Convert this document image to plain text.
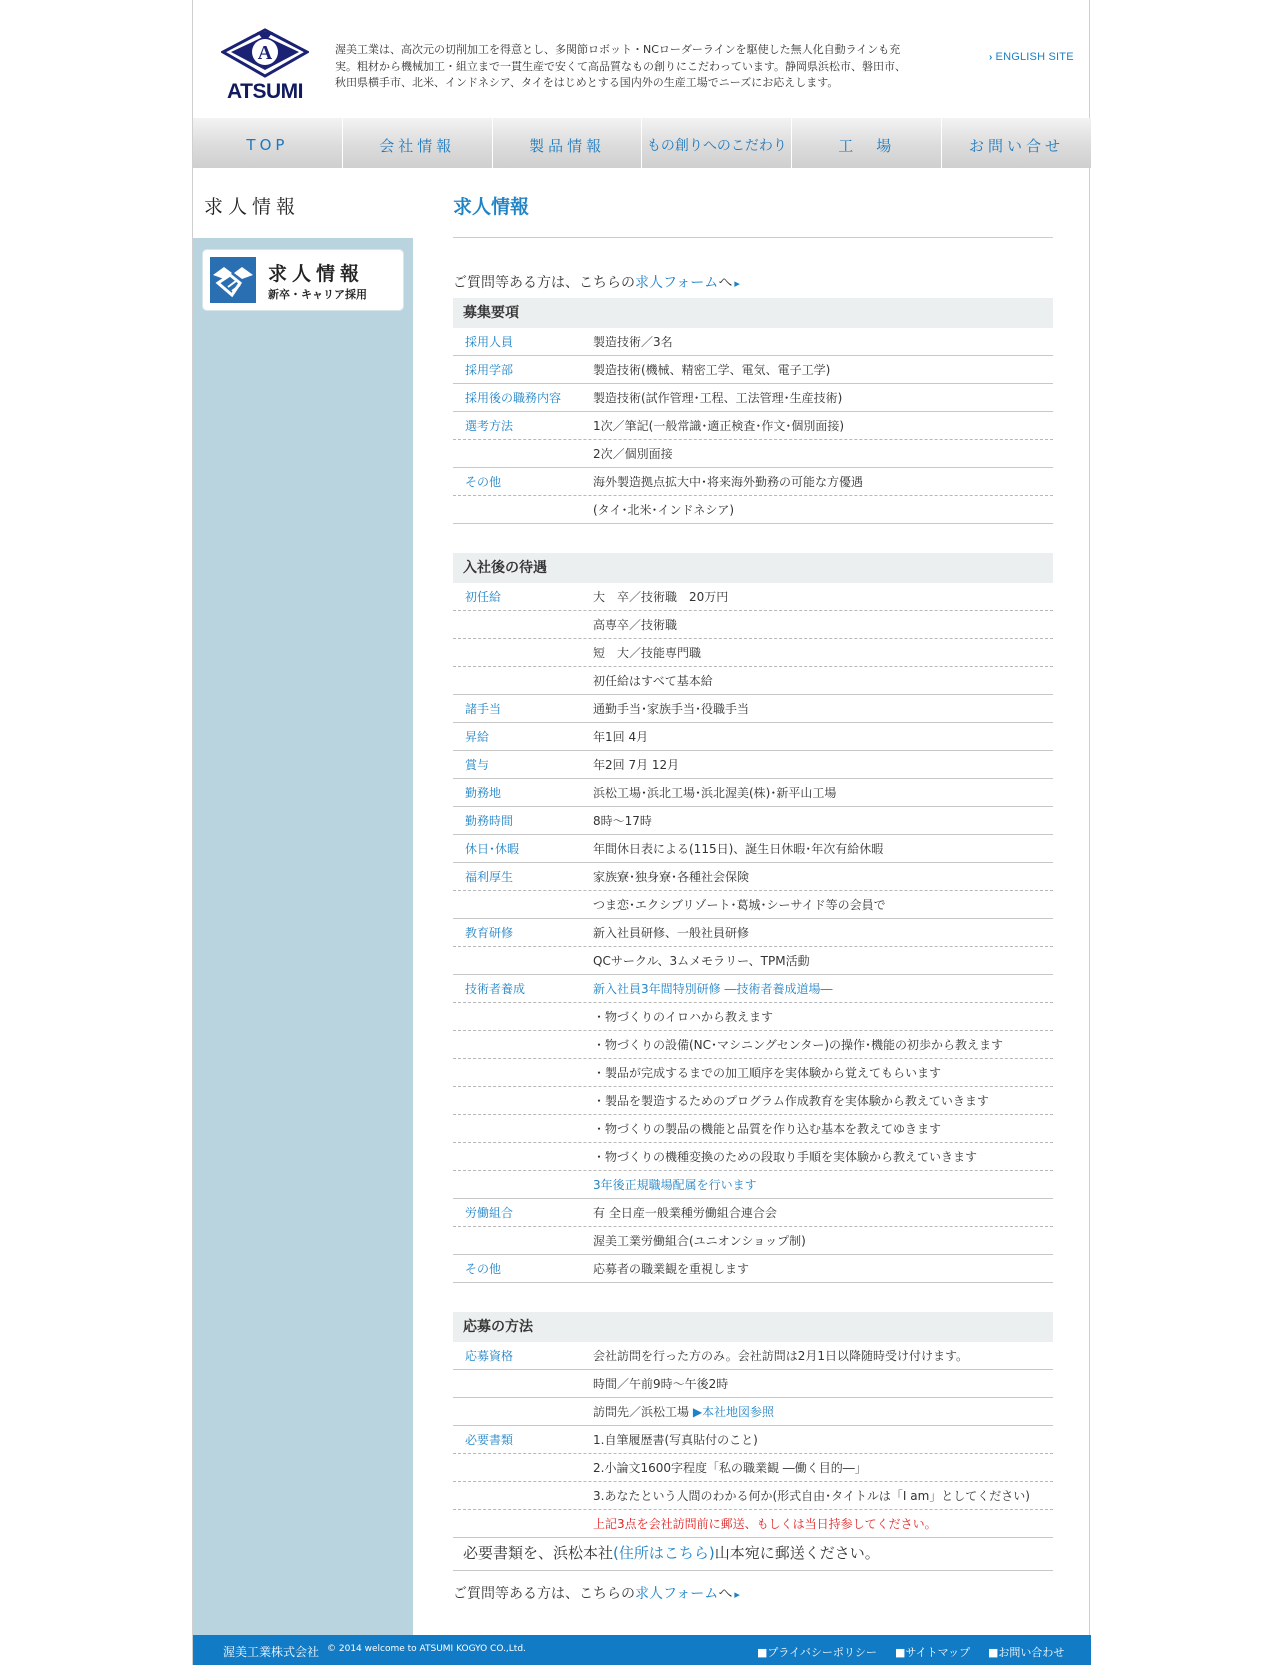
A
ATSUMI
渥美工業は、高次元の切削加工を得意とし、多関節ロボット・NCローダーラインを駆使した無人化自動ラインも充実。粗材から機械加工・組立まで一貫生産で安くて高品質なもの創りにこだわっています。静岡県浜松市、磐田市、秋田県横手市、北米、インドネシア、タイをはじめとする国内外の生産工場でニーズにお応えします。
› ENGLISH SITE
TOP	会社情報	製品情報	もの創りへのこだわり	工　場	お問い合せ
求人情報
求人情報
新卒・キャリア採用
求人情報
ご質問等ある方は、こちらの求人フォームへ ▸
募集要項
採用人員	製造技術／3名
採用学部	製造技術(機械、精密工学、電気、電子工学)
採用後の職務内容	製造技術(試作管理･工程、工法管理･生産技術)
選考方法	1次／筆記(一般常識･適正検査･作文･個別面接)
2次／個別面接
その他	海外製造拠点拡大中･将来海外勤務の可能な方優遇
(タイ･北米･インドネシア)
入社後の待遇
初任給	大　卒／技術職　20万円
高専卒／技術職
短　大／技能専門職
初任給はすべて基本給
諸手当	通勤手当･家族手当･役職手当
昇給	年1回 4月
賞与	年2回 7月 12月
勤務地	浜松工場･浜北工場･浜北渥美(株)･新平山工場
勤務時間	8時～17時
休日･休暇	年間休日表による(115日)、誕生日休暇･年次有給休暇
福利厚生	家族寮･独身寮･各種社会保険
つま恋･エクシブリゾート･葛城･シーサイド等の会員で
教育研修	新入社員研修、一般社員研修
QCサークル、3ムメモラリー、TPM活動
技術者養成	新入社員3年間特別研修 ―技術者養成道場―
・物づくりのイロハから教えます
・物づくりの設備(NC･マシニングセンター)の操作･機能の初歩から教えます
・製品が完成するまでの加工順序を実体験から覚えてもらいます
・製品を製造するためのプログラム作成教育を実体験から教えていきます
・物づくりの製品の機能と品質を作り込む基本を教えてゆきます
・物づくりの機種変換のための段取り手順を実体験から教えていきます
3年後正規職場配属を行います
労働組合	有 全日産一般業種労働組合連合会
渥美工業労働組合(ユニオンショップ制)
その他	応募者の職業観を重視します
応募の方法
応募資格	会社訪問を行った方のみ。会社訪問は2月1日以降随時受け付けます。
時間／午前9時～午後2時
訪問先／浜松工場 ▶本社地図参照
必要書類	1.自筆履歴書(写真貼付のこと)
2.小論文1600字程度「私の職業観 ―働く目的―」
3.あなたという人間のわかる何か(形式自由･タイトルは「I am」としてください)
上記3点を会社訪問前に郵送、もしくは当日持参してください。
必要書類を、浜松本社(住所はこちら)山本宛に郵送ください。
ご質問等ある方は、こちらの求人フォームへ ▸
渥美工業株式会社 © 2014 welcome to ATSUMI KOGYO CO.,Ltd.	■プライバシーポリシー ■サイトマップ ■お問い合わせ
